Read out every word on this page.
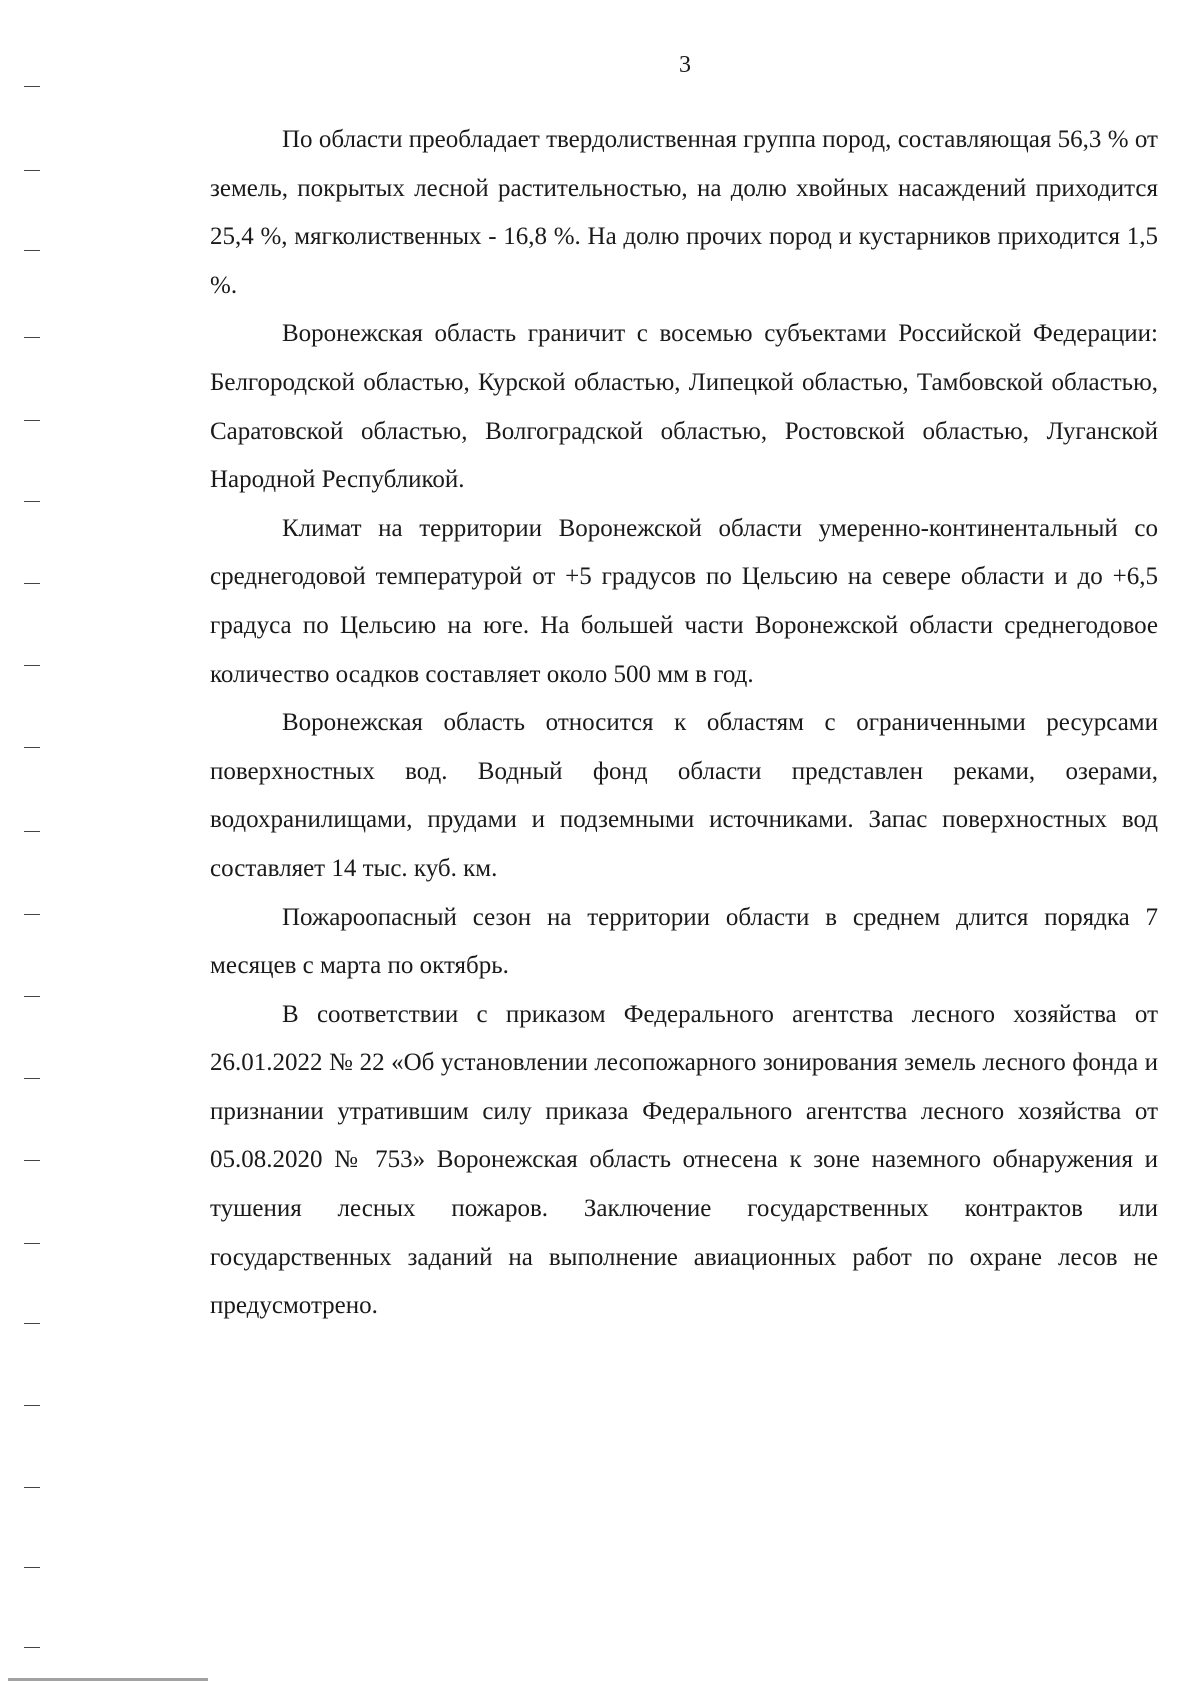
3

По области преобладает твердолиственная группа пород, составляющая 56,3 % от земель, покрытых лесной растительностью, на долю хвойных насаждений приходится 25,4 %, мягколиственных - 16,8 %. На долю прочих пород и кустарников приходится 1,5 %.

Воронежская область граничит с восемью субъектами Российской Федерации: Белгородской областью, Курской областью, Липецкой областью, Тамбовской областью, Саратовской областью, Волгоградской областью, Ростовской областью, Луганской Народной Республикой.

Климат на территории Воронежской области умеренно-континентальный со среднегодовой температурой от +5 градусов по Цельсию на севере области и до +6,5 градуса по Цельсию на юге. На большей части Воронежской области среднегодовое количество осадков составляет около 500 мм в год.

Воронежская область относится к областям с ограниченными ресурсами поверхностных вод. Водный фонд области представлен реками, озерами, водохранилищами, прудами и подземными источниками. Запас поверхностных вод составляет 14 тыс. куб. км.

Пожароопасный сезон на территории области в среднем длится порядка 7 месяцев с марта по октябрь.

В соответствии с приказом Федерального агентства лесного хозяйства от 26.01.2022 № 22 «Об установлении лесопожарного зонирования земель лесного фонда и признании утратившим силу приказа Федерального агентства лесного хозяйства от 05.08.2020 № 753» Воронежская область отнесена к зоне наземного обнаружения и тушения лесных пожаров. Заключение государственных контрактов или государственных заданий на выполнение авиационных работ по охране лесов не предусмотрено.
